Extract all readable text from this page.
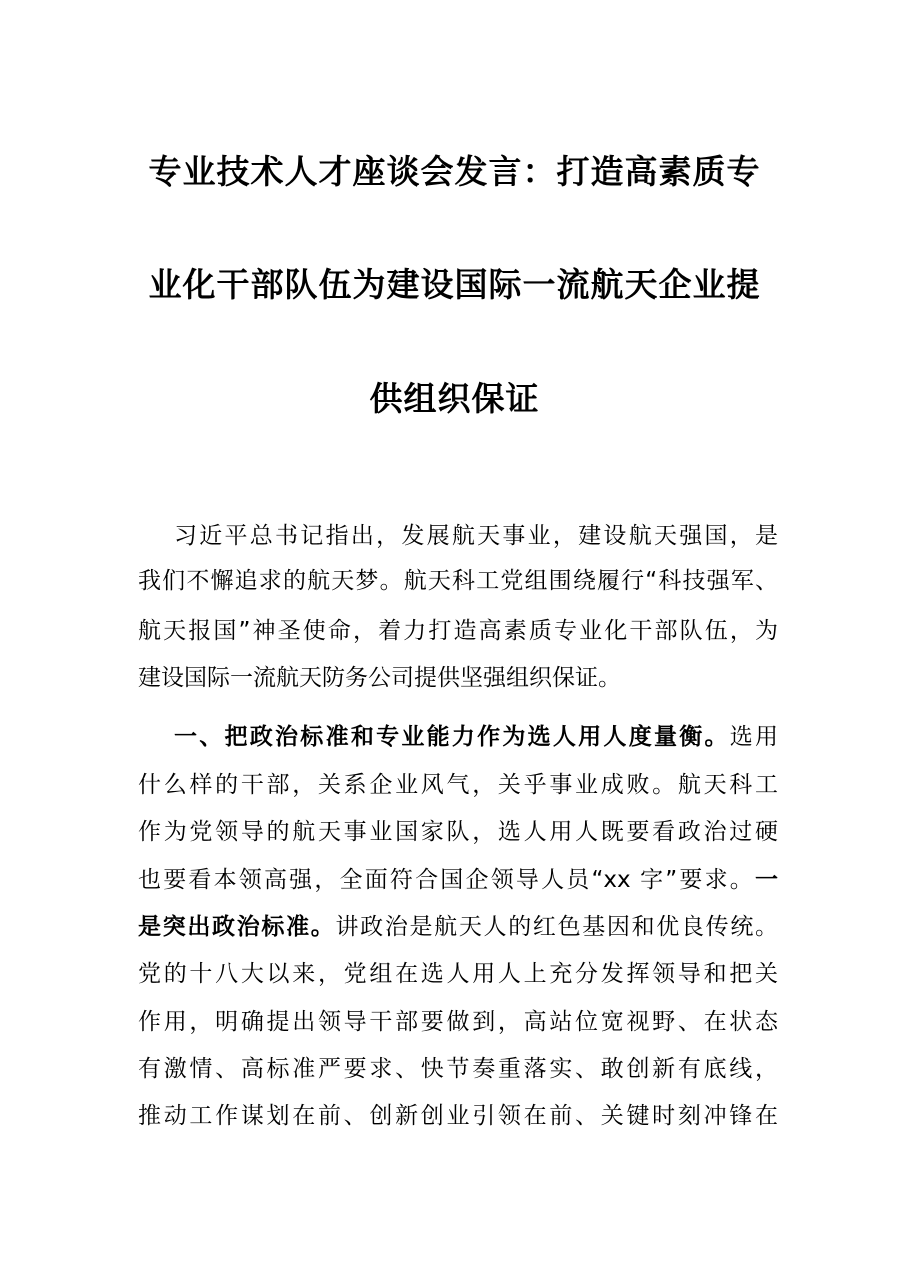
专业技术人才座谈会发言：打造高素质专
业化干部队伍为建设国际一流航天企业提
供组织保证
习近平总书记指出，发展航天事业，建设航天强国，是
我们不懈追求的航天梦。航天科工党组围绕履行“科技强军、
航天报国”神圣使命，着力打造高素质专业化干部队伍，为
建设国际一流航天防务公司提供坚强组织保证。
一、把政治标准和专业能力作为选人用人度量衡。选用
什么样的干部，关系企业风气，关乎事业成败。航天科工
作为党领导的航天事业国家队，选人用人既要看政治过硬
也要看本领高强，全面符合国企领导人员“xx 字”要求。一
是突出政治标准。讲政治是航天人的红色基因和优良传统。
党的十八大以来，党组在选人用人上充分发挥领导和把关
作用，明确提出领导干部要做到，高站位宽视野、在状态
有激情、高标准严要求、快节奏重落实、敢创新有底线，
推动工作谋划在前、创新创业引领在前、关键时刻冲锋在
